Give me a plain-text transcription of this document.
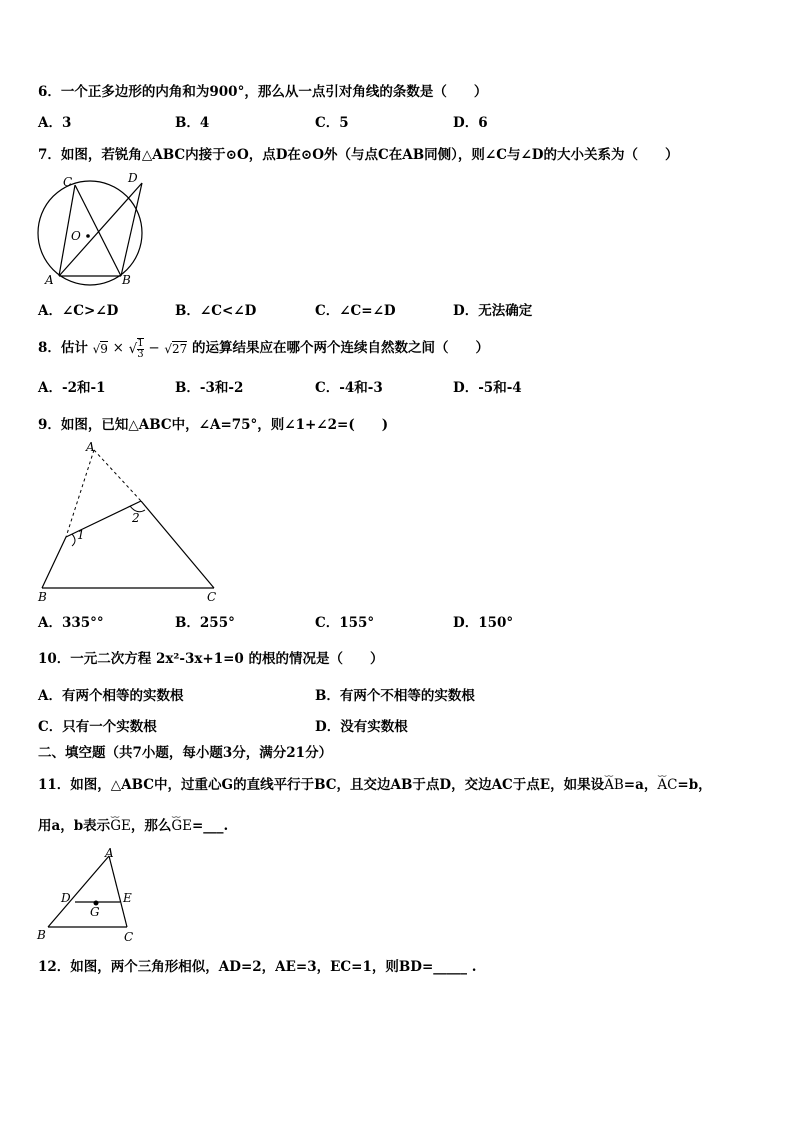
6．一个正多边形的内角和为900°，那么从一点引对角线的条数是（　　）
A．3	B．4	C．5	D．6
7．如图，若锐角△ABC内接于⊙O，点D在⊙O外（与点C在AB同侧），则∠C与∠D的大小关系为（　　）
C	D
O
A	B
A．∠C>∠D	B．∠C<∠D	C．∠C=∠D	D．无法确定
8．估计 √9 × √ $\frac{1}{3} - √27$ 的运算结果应在哪个两个连续自然数之间（　　）
A．-2和-1	B．-3和-2	C．-4和-3	D．-5和-4
9．如图，已知△ABC中，∠A=75°，则∠1+∠2=(　　)
A
B	C
1
2
A．335°°	B．255°	C．155°	D．150°
10．一元二次方程 2x²-3x+1=0 的根的情况是（　　）
A．有两个相等的实数根	B．有两个不相等的实数根
C．只有一个实数根	D．没有实数根
二、填空题（共7小题，每小题3分，满分21分）
11．如图，△ABC中，过重心G的直线平行于BC，且交边AB于点D，交边AC于点E，如果设⌣⌣ AB=a，⌣⌣ AC=b，
用a，b表示⌣⌣ GE，那么⌣⌣ GE=___.
A
D	E
G
B	C
12．如图，两个三角形相似，AD=2，AE=3，EC=1，则BD=_____ .
